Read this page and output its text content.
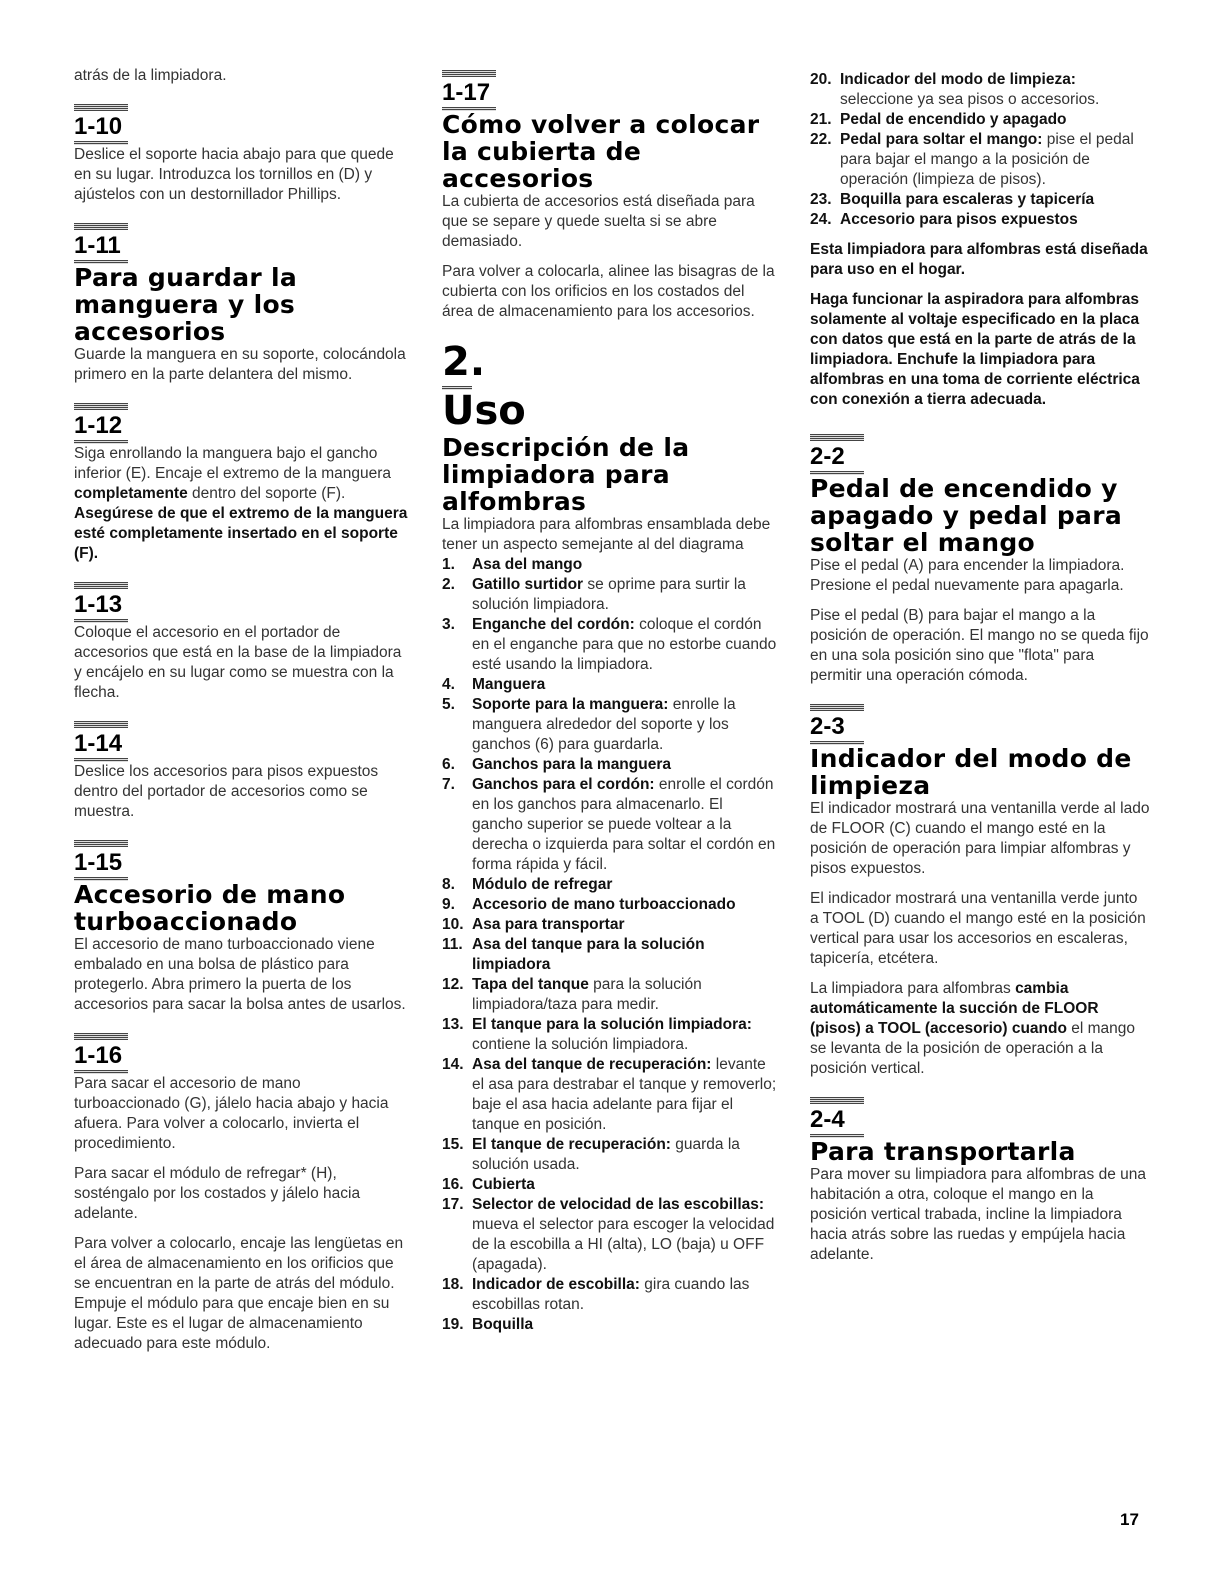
atrás de la limpiadora.

1-10

Deslice el soporte hacia abajo para que quede en su lugar. Introduzca los tornillos en (D) y ajústelos con un destornillador Phillips.

1-11
Para guardar la manguera y los accesorios

Guarde la manguera en su soporte, colocándola primero en la parte delantera del mismo.

1-12

Siga enrollando la manguera bajo el gancho inferior (E). Encaje el extremo de la manguera completamente dentro del soporte (F). Asegúrese de que el extremo de la manguera esté completamente insertado en el soporte (F).

1-13

Coloque el accesorio en el portador de accesorios que está en la base de la limpiadora y encájelo en su lugar como se muestra con la flecha.

1-14

Deslice los accesorios para pisos expuestos dentro del portador de accesorios como se muestra.

1-15
Accesorio de mano turboaccionado

El accesorio de mano turboaccionado viene embalado en una bolsa de plástico para protegerlo. Abra primero la puerta de los accesorios para sacar la bolsa antes de usarlos.

1-16

Para sacar el accesorio de mano turboaccionado (G), jálelo hacia abajo y hacia afuera. Para volver a colocarlo, invierta el procedimiento.

Para sacar el módulo de refregar* (H), sosténgalo por los costados y jálelo hacia adelante.

Para volver a colocarlo, encaje las lengüetas en el área de almacenamiento en los orificios que se encuentran en la parte de atrás del módulo. Empuje el módulo para que encaje bien en su lugar. Este es el lugar de almacenamiento adecuado para este módulo.

1-17
Cómo volver a colocar la cubierta de accesorios

La cubierta de accesorios está diseñada para que se separe y quede suelta si se abre demasiado.

Para volver a colocarla, alinee las bisagras de la cubierta con los orificios en los costados del área de almacenamiento para los accesorios.

2.
Uso
Descripción de la limpiadora para alfombras

La limpiadora para alfombras ensamblada debe tener un aspecto semejante al del diagrama

1. Asa del mango
2. Gatillo surtidor se oprime para surtir la solución limpiadora.
3. Enganche del cordón: coloque el cordón en el enganche para que no estorbe cuando esté usando la limpiadora.
4. Manguera
5. Soporte para la manguera: enrolle la manguera alrededor del soporte y los ganchos (6) para guardarla.
6. Ganchos para la manguera
7. Ganchos para el cordón: enrolle el cordón en los ganchos para almacenarlo. El gancho superior se puede voltear a la derecha o izquierda para soltar el cordón en forma rápida y fácil.
8. Módulo de refregar
9. Accesorio de mano turboaccionado
10. Asa para transportar
11. Asa del tanque para la solución limpiadora
12. Tapa del tanque para la solución limpiadora/taza para medir.
13. El tanque para la solución limpiadora: contiene la solución limpiadora.
14. Asa del tanque de recuperación: levante el asa para destrabar el tanque y removerlo; baje el asa hacia adelante para fijar el tanque en posición.
15. El tanque de recuperación: guarda la solución usada.
16. Cubierta
17. Selector de velocidad de las escobillas: mueva el selector para escoger la velocidad de la escobilla a HI (alta), LO (baja) u OFF (apagada).
18. Indicador de escobilla: gira cuando las escobillas rotan.
19. Boquilla
20. Indicador del modo de limpieza: seleccione ya sea pisos o accesorios.
21. Pedal de encendido y apagado
22. Pedal para soltar el mango: pise el pedal para bajar el mango a la posición de operación (limpieza de pisos).
23. Boquilla para escaleras y tapicería
24. Accesorio para pisos expuestos

Esta limpiadora para alfombras está diseñada para uso en el hogar.

Haga funcionar la aspiradora para alfombras solamente al voltaje especificado en la placa con datos que está en la parte de atrás de la limpiadora. Enchufe la limpiadora para alfombras en una toma de corriente eléctrica con conexión a tierra adecuada.

2-2
Pedal de encendido y apagado y pedal para soltar el mango

Pise el pedal (A) para encender la limpiadora. Presione el pedal nuevamente para apagarla.

Pise el pedal (B) para bajar el mango a la posición de operación. El mango no se queda fijo en una sola posición sino que "flota" para permitir una operación cómoda.

2-3
Indicador del modo de limpieza

El indicador mostrará una ventanilla verde al lado de FLOOR (C) cuando el mango esté en la posición de operación para limpiar alfombras y pisos expuestos.

El indicador mostrará una ventanilla verde junto a TOOL (D) cuando el mango esté en la posición vertical para usar los accesorios en escaleras, tapicería, etcétera.

La limpiadora para alfombras cambia automáticamente la succión de FLOOR (pisos) a TOOL (accesorio) cuando el mango se levanta de la posición de operación a la posición vertical.

2-4
Para transportarla

Para mover su limpiadora para alfombras de una habitación a otra, coloque el mango en la posición vertical trabada, incline la limpiadora hacia atrás sobre las ruedas y empújela hacia adelante.

17
